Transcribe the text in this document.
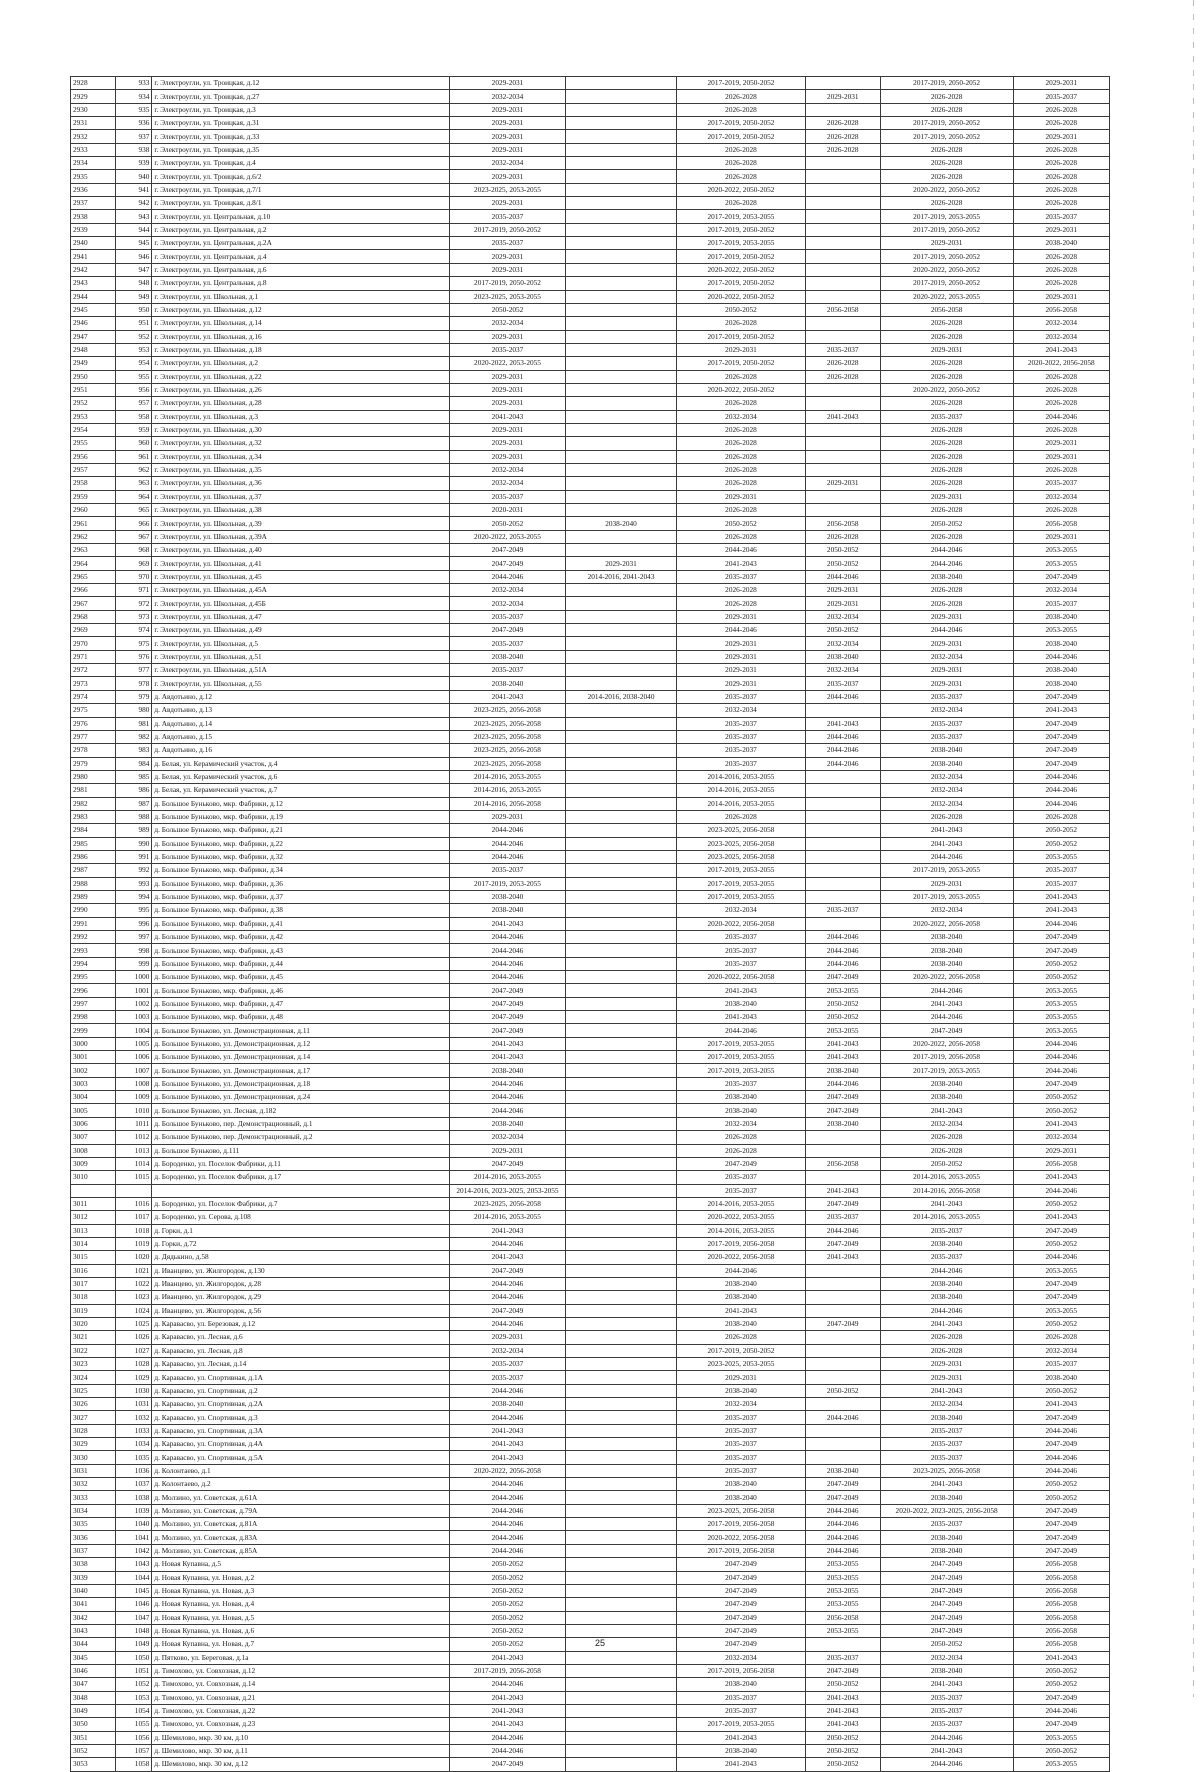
2928	933	г. Электроугли, ул. Троицкая, д.12	2029-2031		2017-2019, 2050-2052		2017-2019, 2050-2052	2029-2031
2929	934	г. Электроугли, ул. Троицкая, д.27	2032-2034		2026-2028	2029-2031	2026-2028	2035-2037
2930	935	г. Электроугли, ул. Троицкая, д.3	2029-2031		2026-2028		2026-2028	2026-2028
2931	936	г. Электроугли, ул. Троицкая, д.31	2029-2031		2017-2019, 2050-2052	2026-2028	2017-2019, 2050-2052	2026-2028
2932	937	г. Электроугли, ул. Троицкая, д.33	2029-2031		2017-2019, 2050-2052	2026-2028	2017-2019, 2050-2052	2029-2031
2933	938	г. Электроугли, ул. Троицкая, д.35	2029-2031		2026-2028	2026-2028	2026-2028	2026-2028
2934	939	г. Электроугли, ул. Троицкая, д.4	2032-2034		2026-2028		2026-2028	2026-2028
2935	940	г. Электроугли, ул. Троицкая, д.6/2	2029-2031		2026-2028		2026-2028	2026-2028
2936	941	г. Электроугли, ул. Троицкая, д.7/1	2023-2025, 2053-2055		2020-2022, 2050-2052		2020-2022, 2050-2052	2026-2028
2937	942	г. Электроугли, ул. Троицкая, д.8/1	2029-2031		2026-2028		2026-2028	2026-2028
2938	943	г. Электроугли, ул. Центральная, д.10	2035-2037		2017-2019, 2053-2055		2017-2019, 2053-2055	2035-2037
2939	944	г. Электроугли, ул. Центральная, д.2	2017-2019, 2050-2052		2017-2019, 2050-2052		2017-2019, 2050-2052	2029-2031
2940	945	г. Электроугли, ул. Центральная, д.2А	2035-2037		2017-2019, 2053-2055		2029-2031	2038-2040
2941	946	г. Электроугли, ул. Центральная, д.4	2029-2031		2017-2019, 2050-2052		2017-2019, 2050-2052	2026-2028
2942	947	г. Электроугли, ул. Центральная, д.6	2029-2031		2020-2022, 2050-2052		2020-2022, 2050-2052	2026-2028
2943	948	г. Электроугли, ул. Центральная, д.8	2017-2019, 2050-2052		2017-2019, 2050-2052		2017-2019, 2050-2052	2026-2028
2944	949	г. Электроугли, ул. Школьная, д.1	2023-2025, 2053-2055		2020-2022, 2050-2052		2020-2022, 2053-2055	2029-2031
2945	950	г. Электроугли, ул. Школьная, д.12	2050-2052		2050-2052	2056-2058	2056-2058	2056-2058
2946	951	г. Электроугли, ул. Школьная, д.14	2032-2034		2026-2028		2026-2028	2032-2034
2947	952	г. Электроугли, ул. Школьная, д.16	2029-2031		2017-2019, 2050-2052		2026-2028	2032-2034
2948	953	г. Электроугли, ул. Школьная, д.18	2035-2037		2029-2031	2035-2037	2029-2031	2041-2043
2949	954	г. Электроугли, ул. Школьная, д.2	2020-2022, 2053-2055		2017-2019, 2050-2052	2026-2028	2026-2028	2020-2022, 2056-2058
2950	955	г. Электроугли, ул. Школьная, д.22	2029-2031		2026-2028	2026-2028	2026-2028	2026-2028
2951	956	г. Электроугли, ул. Школьная, д.26	2029-2031		2020-2022, 2050-2052		2020-2022, 2050-2052	2026-2028
2952	957	г. Электроугли, ул. Школьная, д.28	2029-2031		2026-2028		2026-2028	2026-2028
2953	958	г. Электроугли, ул. Школьная, д.3	2041-2043		2032-2034	2041-2043	2035-2037	2044-2046
2954	959	г. Электроугли, ул. Школьная, д.30	2029-2031		2026-2028		2026-2028	2026-2028
2955	960	г. Электроугли, ул. Школьная, д.32	2029-2031		2026-2028		2026-2028	2029-2031
2956	961	г. Электроугли, ул. Школьная, д.34	2029-2031		2026-2028		2026-2028	2029-2031
2957	962	г. Электроугли, ул. Школьная, д.35	2032-2034		2026-2028		2026-2028	2026-2028
2958	963	г. Электроугли, ул. Школьная, д.36	2032-2034		2026-2028	2029-2031	2026-2028	2035-2037
2959	964	г. Электроугли, ул. Школьная, д.37	2035-2037		2029-2031		2029-2031	2032-2034
2960	965	г. Электроугли, ул. Школьная, д.38	2020-2031		2026-2028		2026-2028	2026-2028
2961	966	г. Электроугли, ул. Школьная, д.39	2050-2052	2038-2040	2050-2052	2056-2058	2050-2052	2056-2058
2962	967	г. Электроугли, ул. Школьная, д.39А	2020-2022, 2053-2055		2026-2028	2026-2028	2026-2028	2029-2031
2963	968	г. Электроугли, ул. Школьная, д.40	2047-2049		2044-2046	2050-2052	2044-2046	2053-2055
2964	969	г. Электроугли, ул. Школьная, д.41	2047-2049	2029-2031	2041-2043	2050-2052	2044-2046	2053-2055
2965	970	г. Электроугли, ул. Школьная, д.45	2044-2046	2014-2016, 2041-2043	2035-2037	2044-2046	2038-2040	2047-2049
2966	971	г. Электроугли, ул. Школьная, д.45А	2032-2034		2026-2028	2029-2031	2026-2028	2032-2034
2967	972	г. Электроугли, ул. Школьная, д.45Б	2032-2034		2026-2028	2029-2031	2026-2028	2035-2037
2968	973	г. Электроугли, ул. Школьная, д.47	2035-2037		2029-2031	2032-2034	2029-2031	2038-2040
2969	974	г. Электроугли, ул. Школьная, д.49	2047-2049		2044-2046	2050-2052	2044-2046	2053-2055
2970	975	г. Электроугли, ул. Школьная, д.5	2035-2037		2029-2031	2032-2034	2029-2031	2038-2040
2971	976	г. Электроугли, ул. Школьная, д.51	2038-2040		2029-2031	2038-2040	2032-2034	2044-2046
2972	977	г. Электроугли, ул. Школьная, д.51А	2035-2037		2029-2031	2032-2034	2029-2031	2038-2040
2973	978	г. Электроугли, ул. Школьная, д.55	2038-2040		2029-2031	2035-2037	2029-2031	2038-2040
2974	979	д. Авдотьино, д.12	2041-2043	2014-2016, 2038-2040	2035-2037	2044-2046	2035-2037	2047-2049
2975	980	д. Авдотьино, д.13	2023-2025, 2056-2058		2032-2034		2032-2034	2041-2043
2976	981	д. Авдотьино, д.14	2023-2025, 2056-2058		2035-2037	2041-2043	2035-2037	2047-2049
2977	982	д. Авдотьино, д.15	2023-2025, 2056-2058		2035-2037	2044-2046	2035-2037	2047-2049
2978	983	д. Авдотьино, д.16	2023-2025, 2056-2058		2035-2037	2044-2046	2038-2040	2047-2049
2979	984	д. Белая, ул. Керамический участок, д.4	2023-2025, 2056-2058		2035-2037	2044-2046	2038-2040	2047-2049
2980	985	д. Белая, ул. Керамический участок, д.6	2014-2016, 2053-2055		2014-2016, 2053-2055		2032-2034	2044-2046
2981	986	д. Белая, ул. Керамический участок, д.7	2014-2016, 2053-2055		2014-2016, 2053-2055		2032-2034	2044-2046
2982	987	д. Большое Буньково, мкр. Фабрики, д.12	2014-2016, 2056-2058		2014-2016, 2053-2055		2032-2034	2044-2046
2983	988	д. Большое Буньково, мкр. Фабрики, д.19	2029-2031		2026-2028		2026-2028	2026-2028
2984	989	д. Большое Буньково, мкр. Фабрики, д.21	2044-2046		2023-2025, 2056-2058		2041-2043	2050-2052
2985	990	д. Большое Буньково, мкр. Фабрики, д.22	2044-2046		2023-2025, 2056-2058		2041-2043	2050-2052
2986	991	д. Большое Буньково, мкр. Фабрики, д.32	2044-2046		2023-2025, 2056-2058		2044-2046	2053-2055
2987	992	д. Большое Буньково, мкр. Фабрики, д.34	2035-2037		2017-2019, 2053-2055		2017-2019, 2053-2055	2035-2037
2988	993	д. Большое Буньково, мкр. Фабрики, д.36	2017-2019, 2053-2055		2017-2019, 2053-2055		2029-2031	2035-2037
2989	994	д. Большое Буньково, мкр. Фабрики, д.37	2038-2040		2017-2019, 2053-2055		2017-2019, 2053-2055	2041-2043
2990	995	д. Большое Буньково, мкр. Фабрики, д.38	2038-2040		2032-2034	2035-2037	2032-2034	2041-2043
2991	996	д. Большое Буньково, мкр. Фабрики, д.41	2041-2043		2020-2022, 2056-2058		2020-2022, 2056-2058	2044-2046
2992	997	д. Большое Буньково, мкр. Фабрики, д.42	2044-2046		2035-2037	2044-2046	2038-2040	2047-2049
2993	998	д. Большое Буньково, мкр. Фабрики, д.43	2044-2046		2035-2037	2044-2046	2038-2040	2047-2049
2994	999	д. Большое Буньково, мкр. Фабрики, д.44	2044-2046		2035-2037	2044-2046	2038-2040	2050-2052
2995	1000	д. Большое Буньково, мкр. Фабрики, д.45	2044-2046		2020-2022, 2056-2058	2047-2049	2020-2022, 2056-2058	2050-2052
2996	1001	д. Большое Буньково, мкр. Фабрики, д.46	2047-2049		2041-2043	2053-2055	2044-2046	2053-2055
2997	1002	д. Большое Буньково, мкр. Фабрики, д.47	2047-2049		2038-2040	2050-2052	2041-2043	2053-2055
2998	1003	д. Большое Буньково, мкр. Фабрики, д.48	2047-2049		2041-2043	2050-2052	2044-2046	2053-2055
2999	1004	д. Большое Буньково, ул. Демонстрационная, д.11	2047-2049		2044-2046	2053-2055	2047-2049	2053-2055
3000	1005	д. Большое Буньково, ул. Демонстрационная, д.12	2041-2043		2017-2019, 2053-2055	2041-2043	2020-2022, 2056-2058	2044-2046
3001	1006	д. Большое Буньково, ул. Демонстрационная, д.14	2041-2043		2017-2019, 2053-2055	2041-2043	2017-2019, 2056-2058	2044-2046
3002	1007	д. Большое Буньково, ул. Демонстрационная, д.17	2038-2040		2017-2019, 2053-2055	2038-2040	2017-2019, 2053-2055	2044-2046
3003	1008	д. Большое Буньково, ул. Демонстрационная, д.18	2044-2046		2035-2037	2044-2046	2038-2040	2047-2049
3004	1009	д. Большое Буньково, ул. Демонстрационная, д.24	2044-2046		2038-2040	2047-2049	2038-2040	2050-2052
3005	1010	д. Большое Буньково, ул. Лесная, д.182	2044-2046		2038-2040	2047-2049	2041-2043	2050-2052
3006	1011	д. Большое Буньково, пер. Демонстрационный, д.1	2038-2040		2032-2034	2038-2040	2032-2034	2041-2043
3007	1012	д. Большое Буньково, пер. Демонстрационный, д.2	2032-2034		2026-2028		2026-2028	2032-2034
3008	1013	д. Большое Буньково, д.111	2029-2031		2026-2028		2026-2028	2029-2031
3009	1014	д. Бороденко, ул. Поселок Фабрики, д.11	2047-2049		2047-2049	2056-2058	2050-2052	2056-2058
3010	1015	д. Бороденко, ул. Поселок Фабрики, д.17	2014-2016, 2053-2055		2035-2037		2014-2016, 2053-2055	2041-2043
			2014-2016, 2023-2025, 2053-2055		2035-2037	2041-2043	2014-2016, 2056-2058	2044-2046
3011	1016	д. Бороденко, ул. Поселок Фабрики, д.7	2023-2025, 2056-2058		2014-2016, 2053-2055	2047-2049	2041-2043	2050-2052
3012	1017	д. Бороденко, ул. Серова, д.108	2014-2016, 2053-2055		2020-2022, 2053-2055	2035-2037	2014-2016, 2053-2055	2041-2043
3013	1018	д. Горки, д.1	2041-2043		2014-2016, 2053-2055	2044-2046	2035-2037	2047-2049
3014	1019	д. Горки, д.72	2044-2046		2017-2019, 2056-2058	2047-2049	2038-2040	2050-2052
3015	1020	д. Дядькино, д.58	2041-2043		2020-2022, 2056-2058	2041-2043	2035-2037	2044-2046
3016	1021	д. Иванцево, ул. Жилгородок, д.130	2047-2049		2044-2046		2044-2046	2053-2055
3017	1022	д. Иванцево, ул. Жилгородок, д.28	2044-2046		2038-2040		2038-2040	2047-2049
3018	1023	д. Иванцево, ул. Жилгородок, д.29	2044-2046		2038-2040		2038-2040	2047-2049
3019	1024	д. Иванцево, ул. Жилгородок, д.56	2047-2049		2041-2043		2044-2046	2053-2055
3020	1025	д. Каравасво, ул. Березовая, д.12	2044-2046		2038-2040	2047-2049	2041-2043	2050-2052
3021	1026	д. Каравасво, ул. Лесная, д.6	2029-2031		2026-2028		2026-2028	2026-2028
3022	1027	д. Каравасво, ул. Лесная, д.8	2032-2034		2017-2019, 2050-2052		2026-2028	2032-2034
3023	1028	д. Каравасво, ул. Лесная, д.14	2035-2037		2023-2025, 2053-2055		2029-2031	2035-2037
3024	1029	д. Каравасво, ул. Спортивная, д.1А	2035-2037		2029-2031		2029-2031	2038-2040
3025	1030	д. Каравасво, ул. Спортивная, д.2	2044-2046		2038-2040	2050-2052	2041-2043	2050-2052
3026	1031	д. Каравасво, ул. Спортивная, д.2А	2038-2040		2032-2034		2032-2034	2041-2043
3027	1032	д. Каравасво, ул. Спортивная, д.3	2044-2046		2035-2037	2044-2046	2038-2040	2047-2049
3028	1033	д. Каравасво, ул. Спортивная, д.3А	2041-2043		2035-2037		2035-2037	2044-2046
3029	1034	д. Каравасво, ул. Спортивная, д.4А	2041-2043		2035-2037		2035-2037	2047-2049
3030	1035	д. Каравасво, ул. Спортивная, д.5А	2041-2043		2035-2037		2035-2037	2044-2046
3031	1036	д. Колонтаево, д.1	2020-2022, 2056-2058		2035-2037	2038-2040	2023-2025, 2056-2058	2044-2046
3032	1037	д. Колонтаево, д.2	2044-2046		2038-2040	2047-2049	2041-2043	2050-2052
3033	1038	д. Молзино, ул. Советская, д.61А	2044-2046		2038-2040	2047-2049	2038-2040	2050-2052
3034	1039	д. Молзино, ул. Советская, д.79А	2044-2046		2023-2025, 2056-2058	2044-2046	2020-2022, 2023-2025, 2056-2058	2047-2049
3035	1040	д. Молзино, ул. Советская, д.81А	2044-2046		2017-2019, 2056-2058	2044-2046	2035-2037	2047-2049
3036	1041	д. Молзино, ул. Советская, д.83А	2044-2046		2020-2022, 2056-2058	2044-2046	2038-2040	2047-2049
3037	1042	д. Молзино, ул. Советская, д.85А	2044-2046		2017-2019, 2056-2058	2044-2046	2038-2040	2047-2049
3038	1043	д. Новая Купавна, д.5	2050-2052		2047-2049	2053-2055	2047-2049	2056-2058
3039	1044	д. Новая Купавна, ул. Новая, д.2	2050-2052		2047-2049	2053-2055	2047-2049	2056-2058
3040	1045	д. Новая Купавна, ул. Новая, д.3	2050-2052		2047-2049	2053-2055	2047-2049	2056-2058
3041	1046	д. Новая Купавна, ул. Новая, д.4	2050-2052		2047-2049	2053-2055	2047-2049	2056-2058
3042	1047	д. Новая Купавна, ул. Новая, д.5	2050-2052		2047-2049	2056-2058	2047-2049	2056-2058
3043	1048	д. Новая Купавна, ул. Новая, д.6	2050-2052		2047-2049	2053-2055	2047-2049	2056-2058
3044	1049	д. Новая Купавна, ул. Новая, д.7	2050-2052		2047-2049		2050-2052	2056-2058
3045	1050	д. Пятково, ул. Береговая, д.1а	2041-2043		2032-2034	2035-2037	2032-2034	2041-2043
3046	1051	д. Тимохово, ул. Совхозная, д.12	2017-2019, 2056-2058		2017-2019, 2056-2058	2047-2049	2038-2040	2050-2052
3047	1052	д. Тимохово, ул. Совхозная, д.14	2044-2046		2038-2040	2050-2052	2041-2043	2050-2052
3048	1053	д. Тимохово, ул. Совхозная, д.21	2041-2043		2035-2037	2041-2043	2035-2037	2047-2049
3049	1054	д. Тимохово, ул. Совхозная, д.22	2041-2043		2035-2037	2041-2043	2035-2037	2044-2046
3050	1055	д. Тимохово, ул. Совхозная, д.23	2041-2043		2017-2019, 2053-2055	2041-2043	2035-2037	2047-2049
3051	1056	д. Шемилово, мкр. 30 км, д.10	2044-2046		2041-2043	2050-2052	2044-2046	2053-2055
3052	1057	д. Шемилово, мкр. 30 км, д.11	2044-2046		2038-2040	2050-2052	2041-2043	2050-2052
3053	1058	д. Шемилово, мкр. 30 км, д.12	2047-2049		2041-2043	2050-2052	2044-2046	2053-2055
25
